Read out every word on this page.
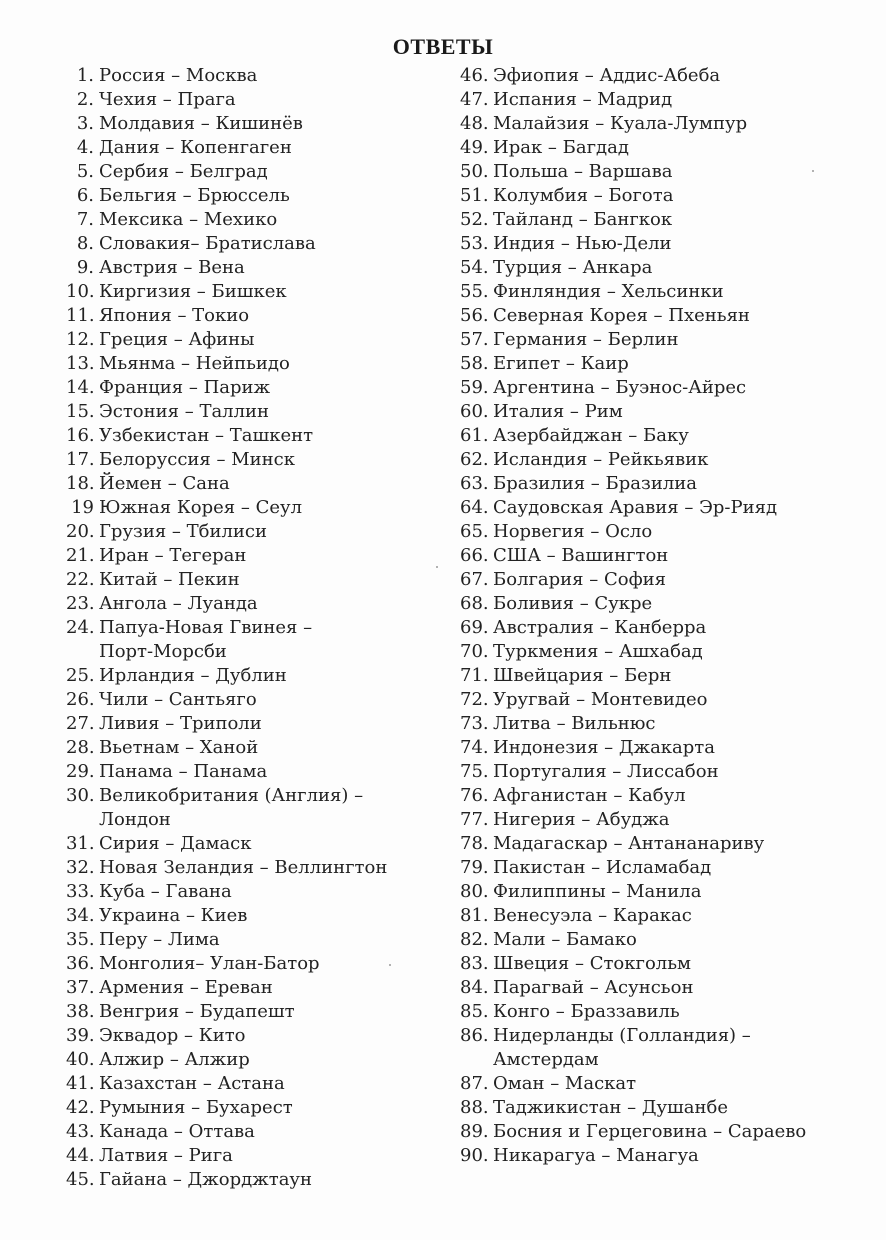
ОТВЕТЫ
1. Россия – Москва
2. Чехия – Прага
3. Молдавия – Кишинёв
4. Дания – Копенгаген
5. Сербия – Белград
6. Бельгия – Брюссель
7. Мексика – Мехико
8. Словакия– Братислава
9. Австрия – Вена
10. Киргизия – Бишкек
11. Япония – Токио
12. Греция – Афины
13. Мьянма – Нейпьидо
14. Франция – Париж
15. Эстония – Таллин
16. Узбекистан – Ташкент
17. Белоруссия – Минск
18. Йемен – Сана
19 Южная Корея – Сеул
20. Грузия – Тбилиси
21. Иран – Тегеран
22. Китай – Пекин
23. Ангола – Луанда
24. Папуа-Новая Гвинея –
Порт-Морсби
25. Ирландия – Дублин
26. Чили – Сантьяго
27. Ливия – Триполи
28. Вьетнам – Ханой
29. Панама – Панама
30. Великобритания (Англия) –
Лондон
31. Сирия – Дамаск
32. Новая Зеландия – Веллингтон
33. Куба – Гавана
34. Украина – Киев
35. Перу – Лима
36. Монголия– Улан-Батор
37. Армения – Ереван
38. Венгрия – Будапешт
39. Эквадор – Кито
40. Алжир – Алжир
41. Казахстан – Астана
42. Румыния – Бухарест
43. Канада – Оттава
44. Латвия – Рига
45. Гайана – Джорджтаун
46. Эфиопия – Аддис-Абеба
47. Испания – Мадрид
48. Малайзия – Куала-Лумпур
49. Ирак – Багдад
50. Польша – Варшава
51. Колумбия – Богота
52. Тайланд – Бангкок
53. Индия – Нью-Дели
54. Турция – Анкара
55. Финляндия – Хельсинки
56. Северная Корея – Пхеньян
57. Германия – Берлин
58. Египет – Каир
59. Аргентина – Буэнос-Айрес
60. Италия – Рим
61. Азербайджан – Баку
62. Исландия – Рейкьявик
63. Бразилия – Бразилиа
64. Саудовская Аравия – Эр-Рияд
65. Норвегия – Осло
66. США – Вашингтон
67. Болгария – София
68. Боливия – Сукре
69. Австралия – Канберра
70. Туркмения – Ашхабад
71. Швейцария – Берн
72. Уругвай – Монтевидео
73. Литва – Вильнюс
74. Индонезия – Джакарта
75. Португалия – Лиссабон
76. Афганистан – Кабул
77. Нигерия – Абуджа
78. Мадагаскар – Антананариву
79. Пакистан – Исламабад
80. Филиппины – Манила
81. Венесуэла – Каракас
82. Мали – Бамако
83. Швеция – Стокгольм
84. Парагвай – Асунсьон
85. Конго – Браззавиль
86. Нидерланды (Голландия) –
Амстердам
87. Оман – Маскат
88. Таджикистан – Душанбе
89. Босния и Герцеговина – Сараево
90. Никарагуа – Манагуа
